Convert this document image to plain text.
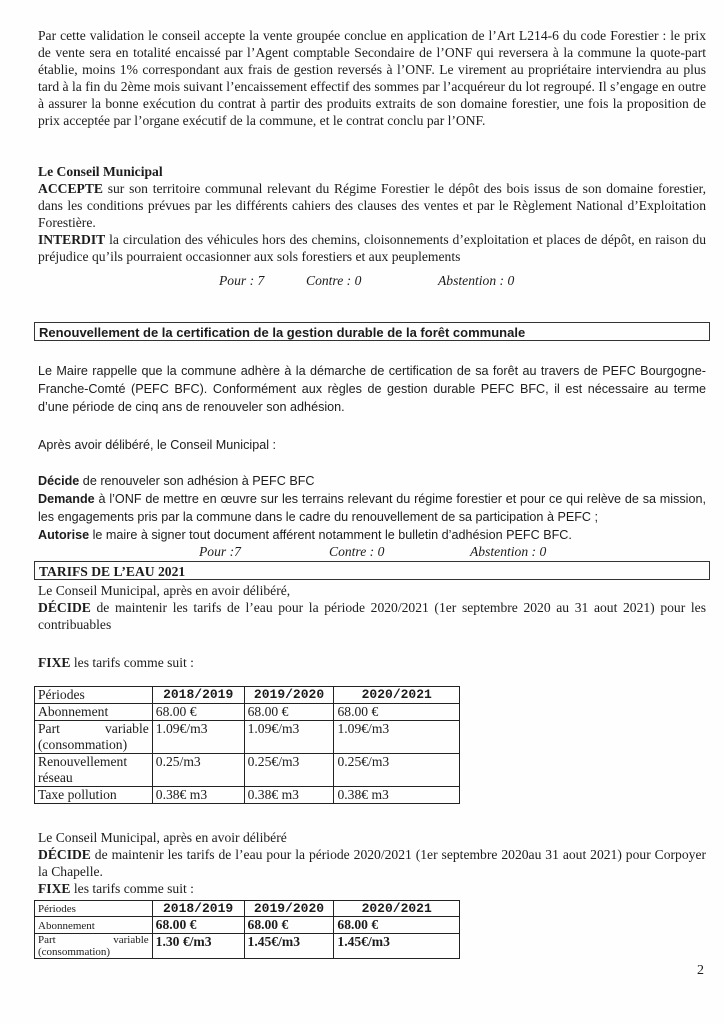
Par cette validation le conseil accepte la vente groupée conclue en application de l’Art L214-6 du code Forestier : le prix de vente sera en totalité encaissé par l’Agent comptable Secondaire de l’ONF qui reversera à la commune la quote-part établie, moins 1% correspondant aux frais de gestion reversés à l’ONF. Le virement au propriétaire interviendra au plus tard à la fin du 2ème mois suivant l’encaissement effectif des sommes par l’acquéreur du lot regroupé. Il s’engage en outre à assurer la bonne exécution du contrat à partir des produits extraits de son domaine forestier, une fois la proposition de prix acceptée par l’organe exécutif de la commune, et le contrat conclu par l’ONF.

Le Conseil Municipal

ACCEPTE sur son territoire communal relevant du Régime Forestier le dépôt des bois issus de son domaine forestier, dans les conditions prévues par les différents cahiers des clauses des ventes et par le Règlement National d’Exploitation Forestière.

INTERDIT la circulation des véhicules hors des chemins, cloisonnements d’exploitation et places de dépôt, en raison du préjudice qu’ils pourraient occasionner aux sols forestiers et aux peuplements

Pour : 7	Contre : 0	Abstention : 0
Renouvellement de la certification de la gestion durable de la forêt communale
Le Maire rappelle que la commune adhère à la démarche de certification de sa forêt au travers de PEFC Bourgogne-Franche-Comté (PEFC BFC). Conformément aux règles de gestion durable PEFC BFC, il est nécessaire au terme d’une période de cinq ans de renouveler son adhésion.
Après avoir délibéré, le Conseil Municipal :
Décide de renouveler son adhésion à PEFC BFC
Demande à l’ONF de mettre en œuvre sur les terrains relevant du régime forestier et pour ce qui relève de sa mission, les engagements pris par la commune dans le cadre du renouvellement de sa participation à PEFC ;
Autorise le maire à signer tout document afférent notamment le bulletin d’adhésion PEFC BFC.
Pour :7	Contre : 0	Abstention : 0
TARIFS DE L’EAU 2021

Le Conseil Municipal, après en avoir délibéré,

DÉCIDE de maintenir les tarifs de l’eau pour la période 2020/2021 (1er septembre 2020 au 31 aout 2021) pour les contribuables

FIXE les tarifs comme suit :
Périodes	2018/2019	2019/2020	2020/2021
Abonnement	68.00 €	68.00 €	68.00 €
Part variable (consommation)	1.09€/m3	1.09€/m3	1.09€/m3
Renouvellement réseau	0.25/m3	0.25€/m3	0.25€/m3
Taxe pollution	0.38€ m3	0.38€ m3	0.38€ m3

Le Conseil Municipal, après en avoir délibéré

DÉCIDE de maintenir les tarifs de l’eau pour la période 2020/2021 (1er septembre 2020au 31 aout 2021) pour Corpoyer la Chapelle.

FIXE les tarifs comme suit :

Périodes	2018/2019	2019/2020	2020/2021
Abonnement	68.00 €	68.00 €	68.00 €
Part variable (consommation)	1.30 €/m3	1.45€/m3	1.45€/m3
2
